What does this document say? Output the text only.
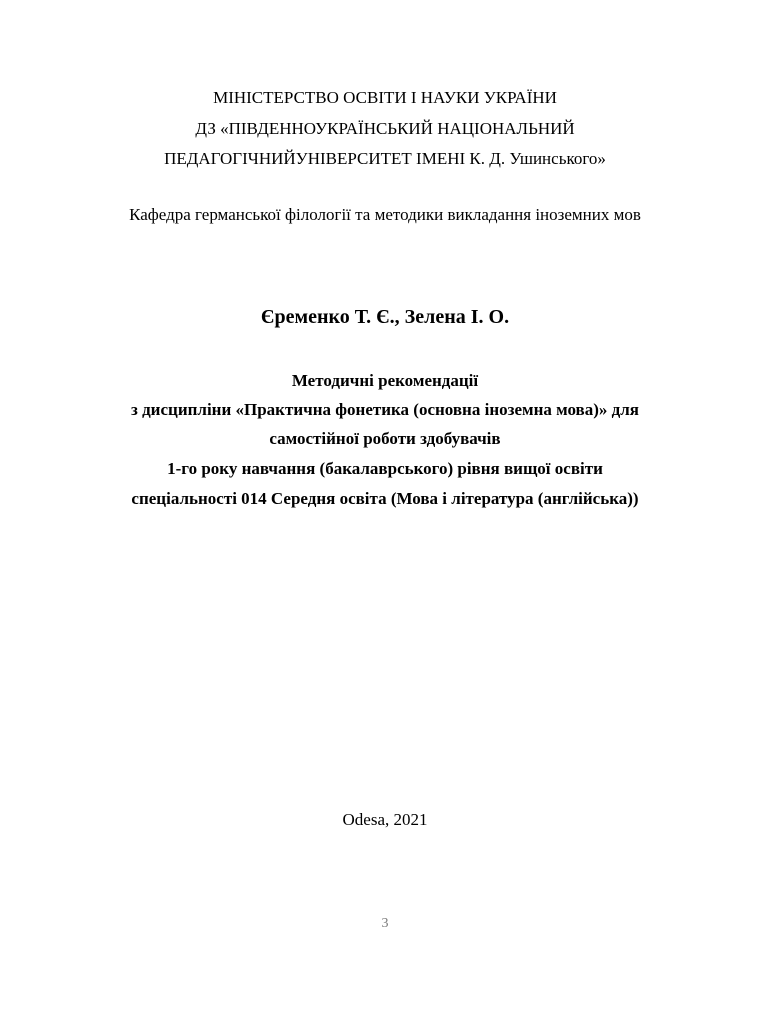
МІНІСТЕРСТВО ОСВІТИ І НАУКИ УКРАЇНИ
ДЗ «ПІВДЕННОУКРАЇНСЬКИЙ НАЦІОНАЛЬНИЙ
ПЕДАГОГІЧНИЙУНІВЕРСИТЕТ ІМЕНІ К. Д. Ушинського»
Кафедра германської філології та методики викладання іноземних мов
Єременко Т. Є., Зелена І. О.
Методичні рекомендації
з дисципліни «Практична фонетика (основна іноземна мова)» для
самостійної роботи здобувачів
1-го року навчання (бакалаврського) рівня вищої освіти
спеціальності 014 Середня освіта (Мова і література (англійська))
Odesa, 2021
3
